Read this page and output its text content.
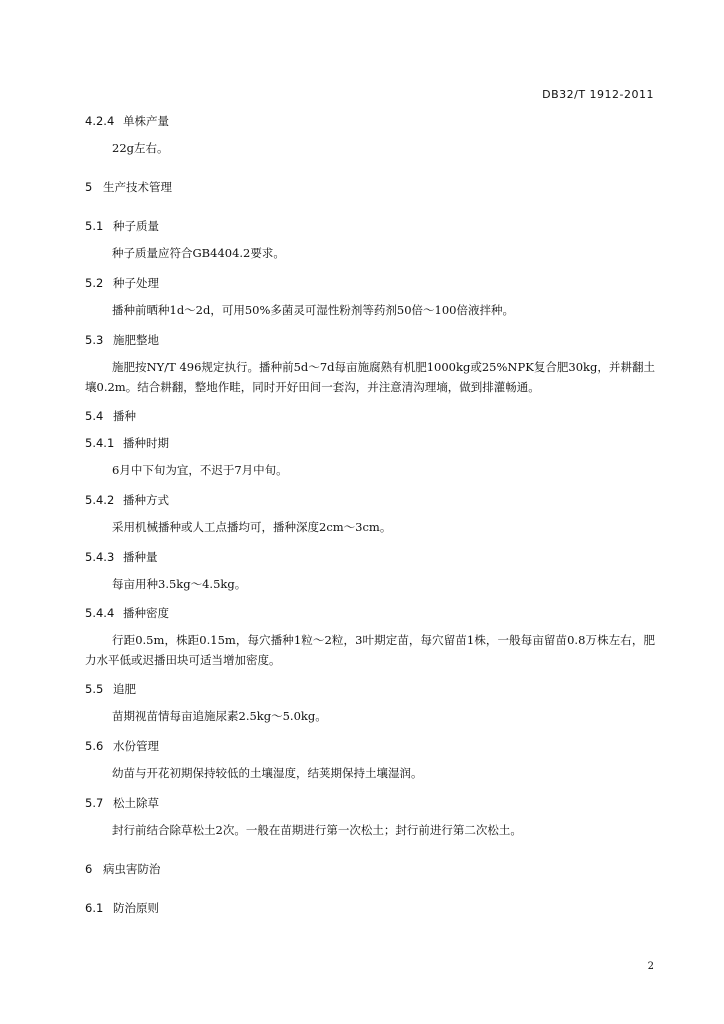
DB32/T 1912-2011
4.2.4 单株产量
22g左右。
5 生产技术管理
5.1 种子质量
种子质量应符合GB4404.2要求。
5.2 种子处理
播种前晒种1d～2d，可用50%多菌灵可湿性粉剂等药剂50倍～100倍液拌种。
5.3 施肥整地
施肥按NY/T 496规定执行。播种前5d～7d每亩施腐熟有机肥1000kg或25%NPK复合肥30kg，并耕翻土壤0.2m。结合耕翻，整地作畦，同时开好田间一套沟，并注意清沟理墒，做到排灌畅通。
5.4 播种
5.4.1 播种时期
6月中下旬为宜，不迟于7月中旬。
5.4.2 播种方式
采用机械播种或人工点播均可，播种深度2cm～3cm。
5.4.3 播种量
每亩用种3.5kg～4.5kg。
5.4.4 播种密度
行距0.5m，株距0.15m，每穴播种1粒～2粒，3叶期定苗，每穴留苗1株，一般每亩留苗0.8万株左右，肥力水平低或迟播田块可适当增加密度。
5.5 追肥
苗期视苗情每亩追施尿素2.5kg～5.0kg。
5.6 水份管理
幼苗与开花初期保持较低的土壤湿度，结荚期保持土壤湿润。
5.7 松土除草
封行前结合除草松土2次。一般在苗期进行第一次松土；封行前进行第二次松土。
6 病虫害防治
6.1 防治原则
2
